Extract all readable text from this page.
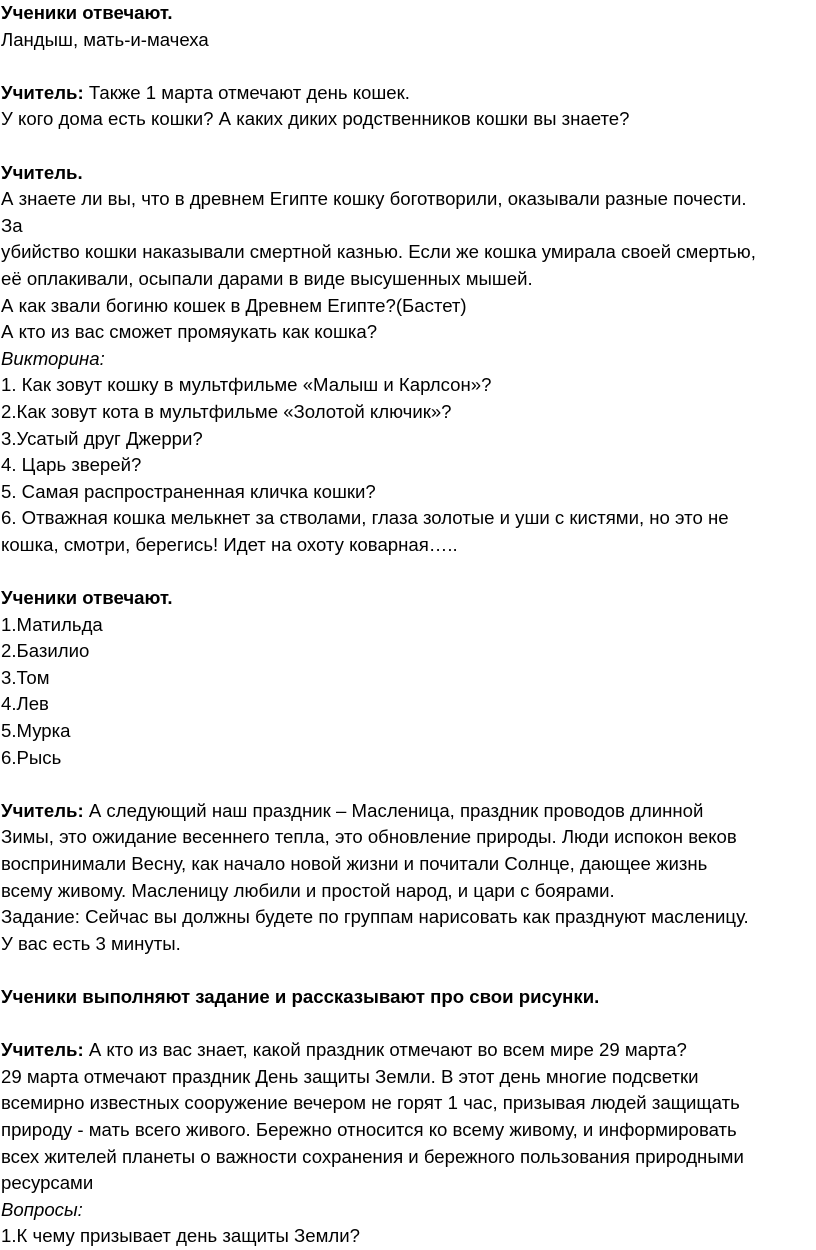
Ученики отвечают.
Ландыш, мать-и-мачеха
Учитель: Также 1 марта отмечают день кошек.
У кого дома есть кошки? А каких диких родственников кошки вы знаете?
Учитель.
А знаете ли вы, что в древнем Египте кошку боготворили, оказывали разные почести.
За
убийство кошки наказывали смертной казнью. Если же кошка умирала своей смертью,
её оплакивали, осыпали дарами в виде высушенных мышей.
А как звали богиню кошек в Древнем Египте?(Бастет)
А кто из вас сможет промяукать как кошка?
Викторина:
1. Как зовут кошку в мультфильме «Малыш и Карлсон»?
2.Как зовут кота в мультфильме «Золотой ключик»?
3.Усатый друг Джерри?
4. Царь зверей?
5. Самая распространенная кличка кошки?
6. Отважная кошка мелькнет за стволами, глаза золотые и уши с кистями, но это не
кошка, смотри, берегись! Идет на охоту коварная…..
Ученики отвечают.
1.Матильда
2.Базилио
3.Том
4.Лев
5.Мурка
6.Рысь
Учитель: А следующий наш праздник – Масленица, праздник проводов длинной
Зимы, это ожидание весеннего тепла, это обновление природы. Люди испокон веков
воспринимали Весну, как начало новой жизни и почитали Солнце, дающее жизнь
всему живому. Масленицу любили и простой народ, и цари с боярами.
Задание: Сейчас вы должны будете по группам нарисовать как празднуют масленицу.
У вас есть 3 минуты.
Ученики выполняют задание и рассказывают про свои рисунки.
Учитель: А кто из вас знает, какой праздник отмечают во всем мире 29 марта?
29 марта отмечают праздник День защиты Земли. В этот день многие подсветки
всемирно известных сооружение вечером не горят 1 час, призывая людей защищать
природу - мать всего живого. Бережно относится ко всему живому, и информировать
всех жителей планеты о важности сохранения и бережного пользования природными
ресурсами
Вопросы:
1.К чему призывает день защиты Земли?
